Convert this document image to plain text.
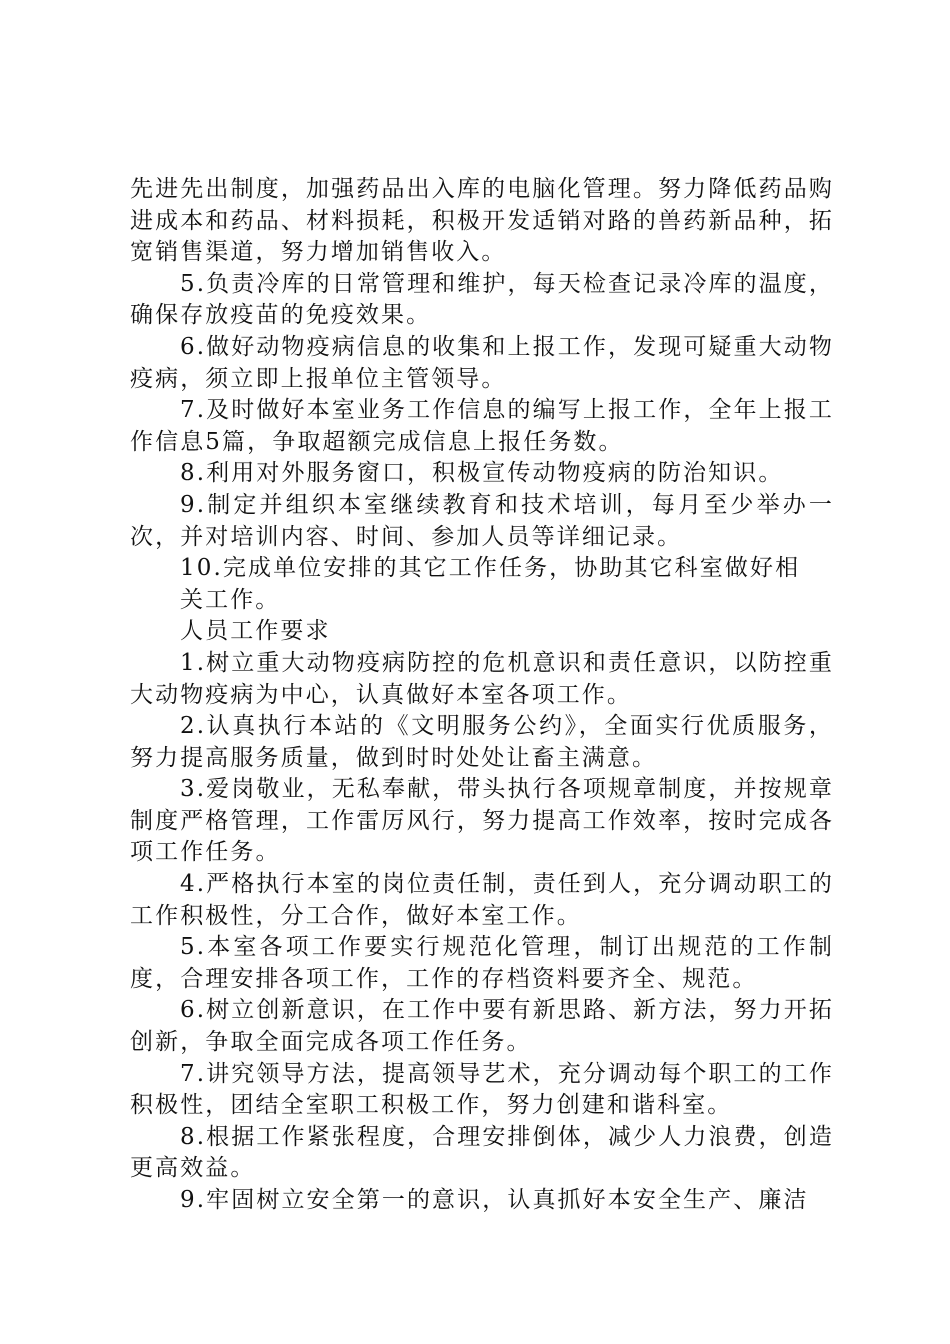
先进先出制度，加强药品出入库的电脑化管理。努力降低药品购进成本和药品、材料损耗，积极开发适销对路的兽药新品种，拓宽销售渠道，努力增加销售收入。

5.负责冷库的日常管理和维护，每天检查记录冷库的温度，确保存放疫苗的免疫效果。

6.做好动物疫病信息的收集和上报工作，发现可疑重大动物疫病，须立即上报单位主管领导。

7.及时做好本室业务工作信息的编写上报工作，全年上报工作信息5篇，争取超额完成信息上报任务数。

8.利用对外服务窗口，积极宣传动物疫病的防治知识。

9.制定并组织本室继续教育和技术培训，每月至少举办一次，并对培训内容、时间、参加人员等详细记录。

10.完成单位安排的其它工作任务，协助其它科室做好相

关工作。

人员工作要求

1.树立重大动物疫病防控的危机意识和责任意识，以防控重大动物疫病为中心，认真做好本室各项工作。

2.认真执行本站的《文明服务公约》，全面实行优质服务，努力提高服务质量，做到时时处处让畜主满意。

3.爱岗敬业，无私奉献，带头执行各项规章制度，并按规章制度严格管理，工作雷厉风行，努力提高工作效率，按时完成各项工作任务。

4.严格执行本室的岗位责任制，责任到人，充分调动职工的工作积极性，分工合作，做好本室工作。

5.本室各项工作要实行规范化管理，制订出规范的工作制度，合理安排各项工作，工作的存档资料要齐全、规范。

6.树立创新意识，在工作中要有新思路、新方法，努力开拓创新，争取全面完成各项工作任务。

7.讲究领导方法，提高领导艺术，充分调动每个职工的工作积极性，团结全室职工积极工作，努力创建和谐科室。

8.根据工作紧张程度，合理安排倒体，减少人力浪费，创造更高效益。

9.牢固树立安全第一的意识，认真抓好本安全生产、廉洁
